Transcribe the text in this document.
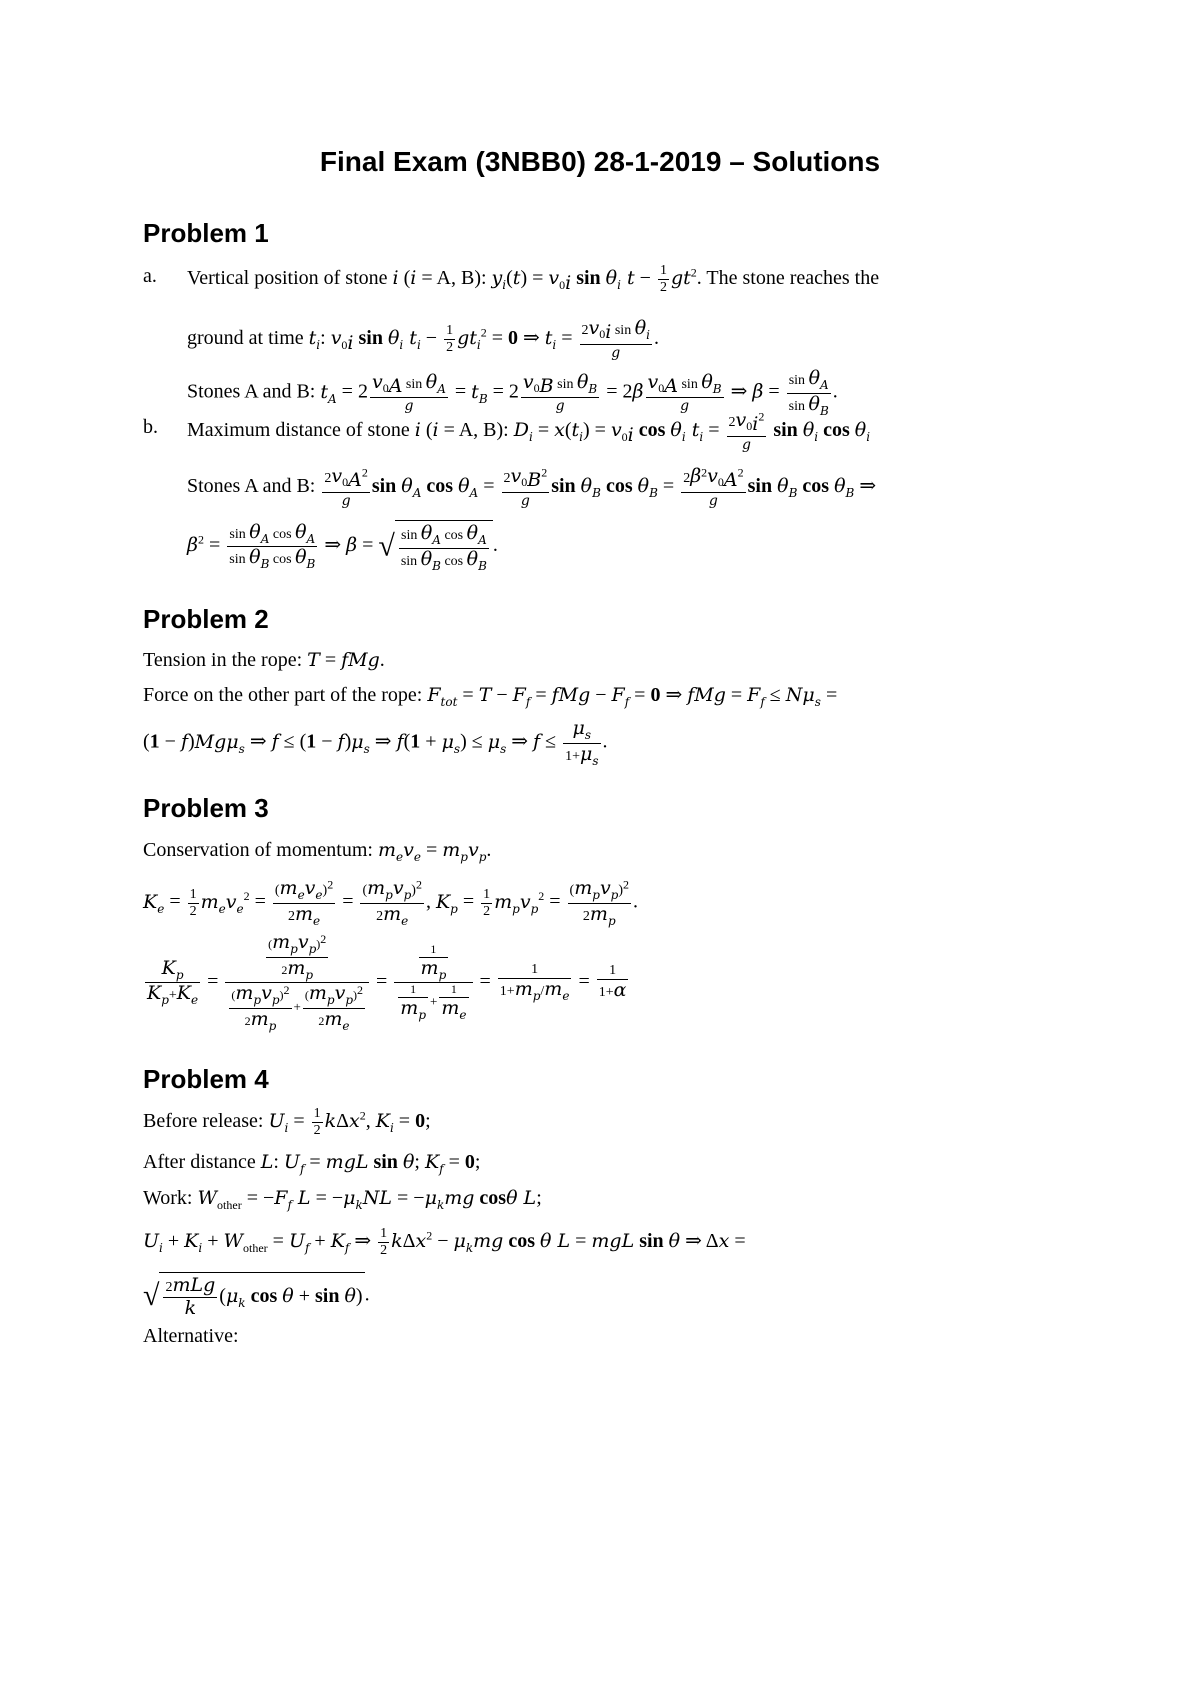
Final Exam (3NBB0) 28-1-2019 – Solutions
Problem 1
a. Vertical position of stone i (i = A, B): $y_i(t) = v_{0i}$ $\sin \theta_i$ $t - \frac{1}{2} gt^2$. The stone reaches the
ground at time $t_i$: $v_{0i}$ $\sin \theta_i$ $t_i - \frac{1}{2} gt_i^2 = 0$ ⇒ $t_i = \frac{2v_{0i} \sin \theta_i}{g}$ .
Stones A and B: $t_A = 2 \frac{v_{0A} \sin \theta_A}{g} = t_B = 2 \frac{v_{0B} \sin \theta_B}{g} = 2\beta \frac{v_{0A} \sin \theta_B}{g}$ ⇒ $\beta = \frac{\sin \theta_A}{\sin \theta_B}$ .
b. Maximum distance of stone i (i = A, B): $D_i = x(t_i) = v_{0i}$ $\cos \theta_i$ $t_i = \frac{2v_{0i}^2}{g}$ $\sin \theta_i$ $\cos \theta_i$
Stones A and B: $\frac{2v_{0A}^2}{g}$ $\sin \theta_A$ $\cos \theta_A = \frac{2v_{0B}^2}{g}$ $\sin \theta_B$ $\cos \theta_B = \frac{2\beta^2v_{0A}^2}{g}$ $\sin \theta_B$ $\cos \theta_B$ ⇒
$\beta^2 = \frac{\sin \theta_A \cos \theta_A}{\sin \theta_B \cos \theta_B}$ ⇒ β = √ $\frac{\sin \theta_A \cos \theta_A}{\sin \theta_B \cos \theta_B}$ .
Problem 2
Tension in the rope: T = fMg.
Force on the other part of the rope: $F_{tot} = T - F_f$ = fMg − $F_f = 0$ ⇒ fMg = $F_f \le N\mu_s$ =
(1 − f)Mgμ$_s$ ⇒ $f \le (1 - f)\mu_s$ ⇒ $f(1 + \mu_s) \le \mu_s$ ⇒ $f \le \frac{\mu_s}{1+\mu_s}$ .
Problem 3
Conservation of momentum: $m_ev_e = m_pv_p$.
$K_e = \frac{1}{2} m_ev_e^2$ =
$(m_ev_e)^2$
$2m_e$
=
$(m_pv_p)^2$
$2m_e$
, $K_p = \frac{1}{2} m_pv_p^2$ =
$(m_pv_p)^2$
$2m_p$
.
$\frac{K_p}{K_p+K_e}$ =
$(m_pv_p)^2$
$2m_p$
$(m_pv_p)^2$
$2m_p$
+
$(m_pv_p)^2$
$2m_e$
= $\frac{\frac{1}{m_p}}{\frac{1}{m_p} + \frac{1}{m_e}} = \frac{1}{1+m_p/m_e} = \frac{1}{1+\alpha}$
Problem 4
Before release: $U_i = \frac{1}{2} k\Delta x^2$, $K_i = 0$;
After distance L: $U_f$ = mgL sin θ; $K_f = 0$;
Work: $W_{other} = -F_f$ $L = -\mu_kNL = -\mu_kmg$ cosθ L;
$U_i + K_i + W_{other} = U_f + K_f$ ⇒ $\frac{1}{2} k\Delta x^2 - \mu_kmg$ cos θ L = mgL sin θ ⇒ Δx =
√ 2mLg
k
($\mu_k$ cos θ + sin θ) .
Alternative:
